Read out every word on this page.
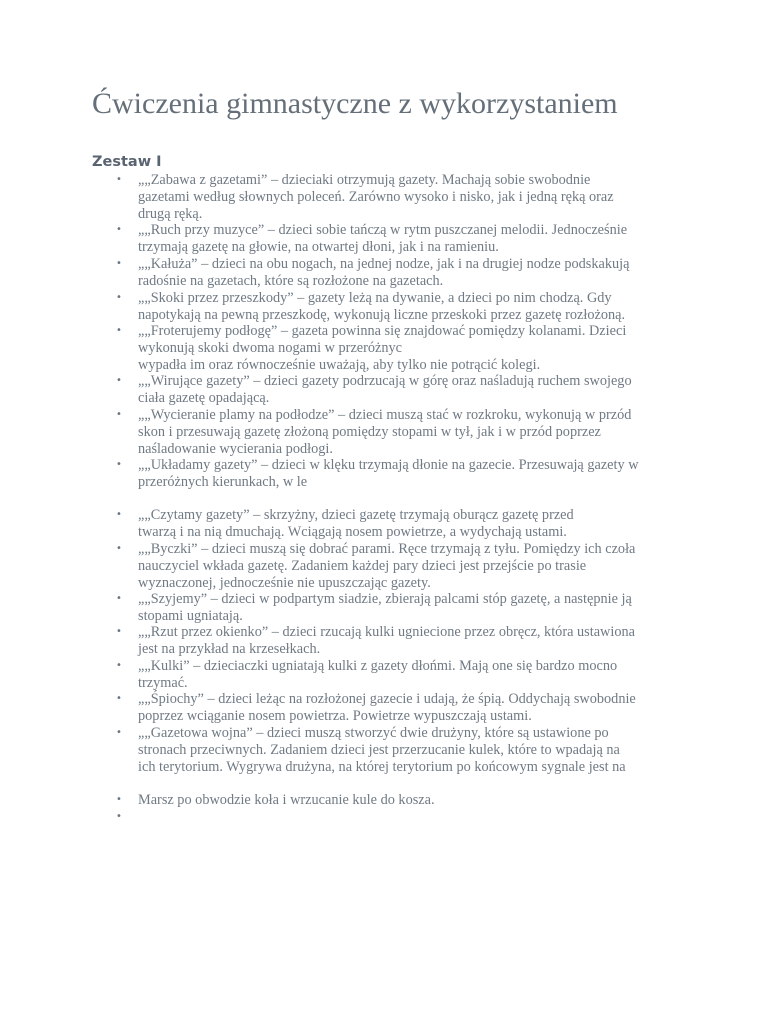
Ćwiczenia gimnastyczne z wykorzystaniem
Zestaw I
• „„Zabawa z gazetami” – dzieciaki otrzymują gazety. Machają sobie swobodnie
gazetami według słownych poleceń. Zarówno wysoko i nisko, jak i jedną ręką oraz
drugą ręką.
• „„Ruch przy muzyce” – dzieci sobie tańczą w rytm puszczanej melodii. Jednocześnie
trzymają gazetę na głowie, na otwartej dłoni, jak i na ramieniu.
• „„Kałuża” – dzieci na obu nogach, na jednej nodze, jak i na drugiej nodze podskakują
radośnie na gazetach, które są rozłożone na gazetach.
• „„Skoki przez przeszkody” – gazety leżą na dywanie, a dzieci po nim chodzą. Gdy
napotykają na pewną przeszkodę, wykonują liczne przeskoki przez gazetę rozłożoną.
• „„Froterujemy podłogę” – gazeta powinna się znajdować pomiędzy kolanami. Dzieci
wykonują skoki dwoma nogami w przeróżnyc
wypadła im oraz równocześnie uważają, aby tylko nie potrącić kolegi.
• „„Wirujące gazety” – dzieci gazety podrzucają w górę oraz naśladują ruchem swojego
ciała gazetę opadającą.
• „„Wycieranie plamy na podłodze” – dzieci muszą stać w rozkroku, wykonują w przód
skon i przesuwają gazetę złożoną pomiędzy stopami w tył, jak i w przód poprzez
naśladowanie wycierania podłogi.
• „„Układamy gazety” – dzieci w klęku trzymają dłonie na gazecie. Przesuwają gazety w
przeróżnych kierunkach, w le
• „„Czytamy gazety” – skrzyżny, dzieci gazetę trzymają oburącz gazetę przed
twarzą i na nią dmuchają. Wciągają nosem powietrze, a wydychają ustami.
• „„Byczki” – dzieci muszą się dobrać parami. Ręce trzymają z tyłu. Pomiędzy ich czoła
nauczyciel wkłada gazetę. Zadaniem każdej pary dzieci jest przejście po trasie
wyznaczonej, jednocześnie nie upuszczając gazety.
• „„Szyjemy” – dzieci w podpartym siadzie, zbierają palcami stóp gazetę, a następnie ją
stopami ugniatają.
• „„Rzut przez okienko” – dzieci rzucają kulki ugniecione przez obręcz, która ustawiona
jest na przykład na krzesełkach.
• „„Kulki” – dzieciaczki ugniatają kulki z gazety dłońmi. Mają one się bardzo mocno
trzymać.
• „„Śpiochy” – dzieci leżąc na rozłożonej gazecie i udają, że śpią. Oddychają swobodnie
poprzez wciąganie nosem powietrza. Powietrze wypuszczają ustami.
• „„Gazetowa wojna” – dzieci muszą stworzyć dwie drużyny, które są ustawione po
stronach przeciwnych. Zadaniem dzieci jest przerzucanie kulek, które to wpadają na
ich terytorium. Wygrywa drużyna, na której terytorium po końcowym sygnale jest na
• Marsz po obwodzie koła i wrzucanie kule do kosza.
•
